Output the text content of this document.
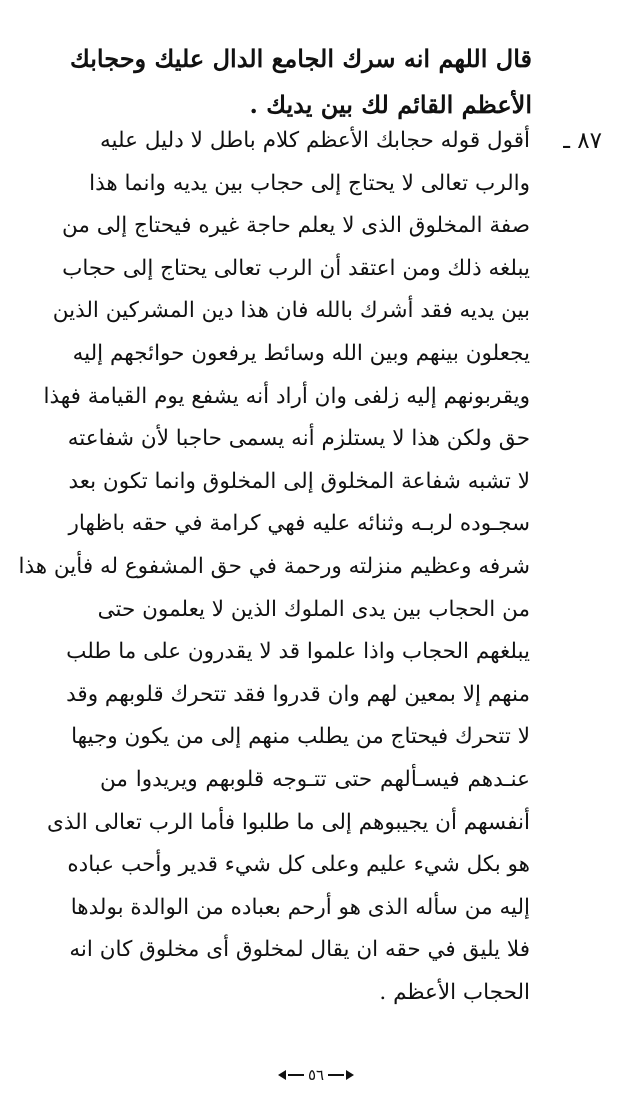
قال اللهم انه سرك الجامع الدال عليك وحجابك
الأعظم القائم لك بين يديك .
٨٧ ـ
أقول قوله حجابك الأعظم كلام باطل لا دليل عليه
والرب تعالى لا يحتاج إلى حجاب بين يديه وانما هذا
صفة المخلوق الذى لا يعلم حاجة غيره فيحتاج إلى من
يبلغه ذلك ومن اعتقد أن الرب تعالى يحتاج إلى حجاب
بين يديه فقد أشرك بالله فان هذا دين المشركين الذين
يجعلون بينهم وبين الله وسائط يرفعون حوائجهم إليه
ويقربونهم إليه زلفى وان أراد أنه يشفع يوم القيامة فهذا
حق ولكن هذا لا يستلزم أنه يسمى حاجبا لأن شفاعته
لا تشبه شفاعة المخلوق إلى المخلوق وانما تكون بعد
سجـوده لربـه وثنائه عليه فهي كرامة في حقه باظهار
شرفه وعظيم منزلته ورحمة في حق المشفوع له فأين هذا
من الحجاب بين يدى الملوك الذين لا يعلمون حتى
يبلغهم الحجاب واذا علموا قد لا يقدرون على ما طلب
منهم إلا بمعين لهم وان قدروا فقد تتحرك قلوبهم وقد
لا تتحرك فيحتاج من يطلب منهم إلى من يكون وجيها
عنـدهم فيسـألهم حتى تتـوجه قلوبهم ويريدوا من
أنفسهم أن يجيبوهم إلى ما طلبوا فأما الرب تعالى الذى
هو بكل شيء عليم وعلى كل شيء قدير وأحب عباده
إليه من سأله الذى هو أرحم بعباده من الوالدة بولدها
فلا يليق في حقه ان يقال لمخلوق أى مخلوق كان انه
الحجاب الأعظم .
٥٦
